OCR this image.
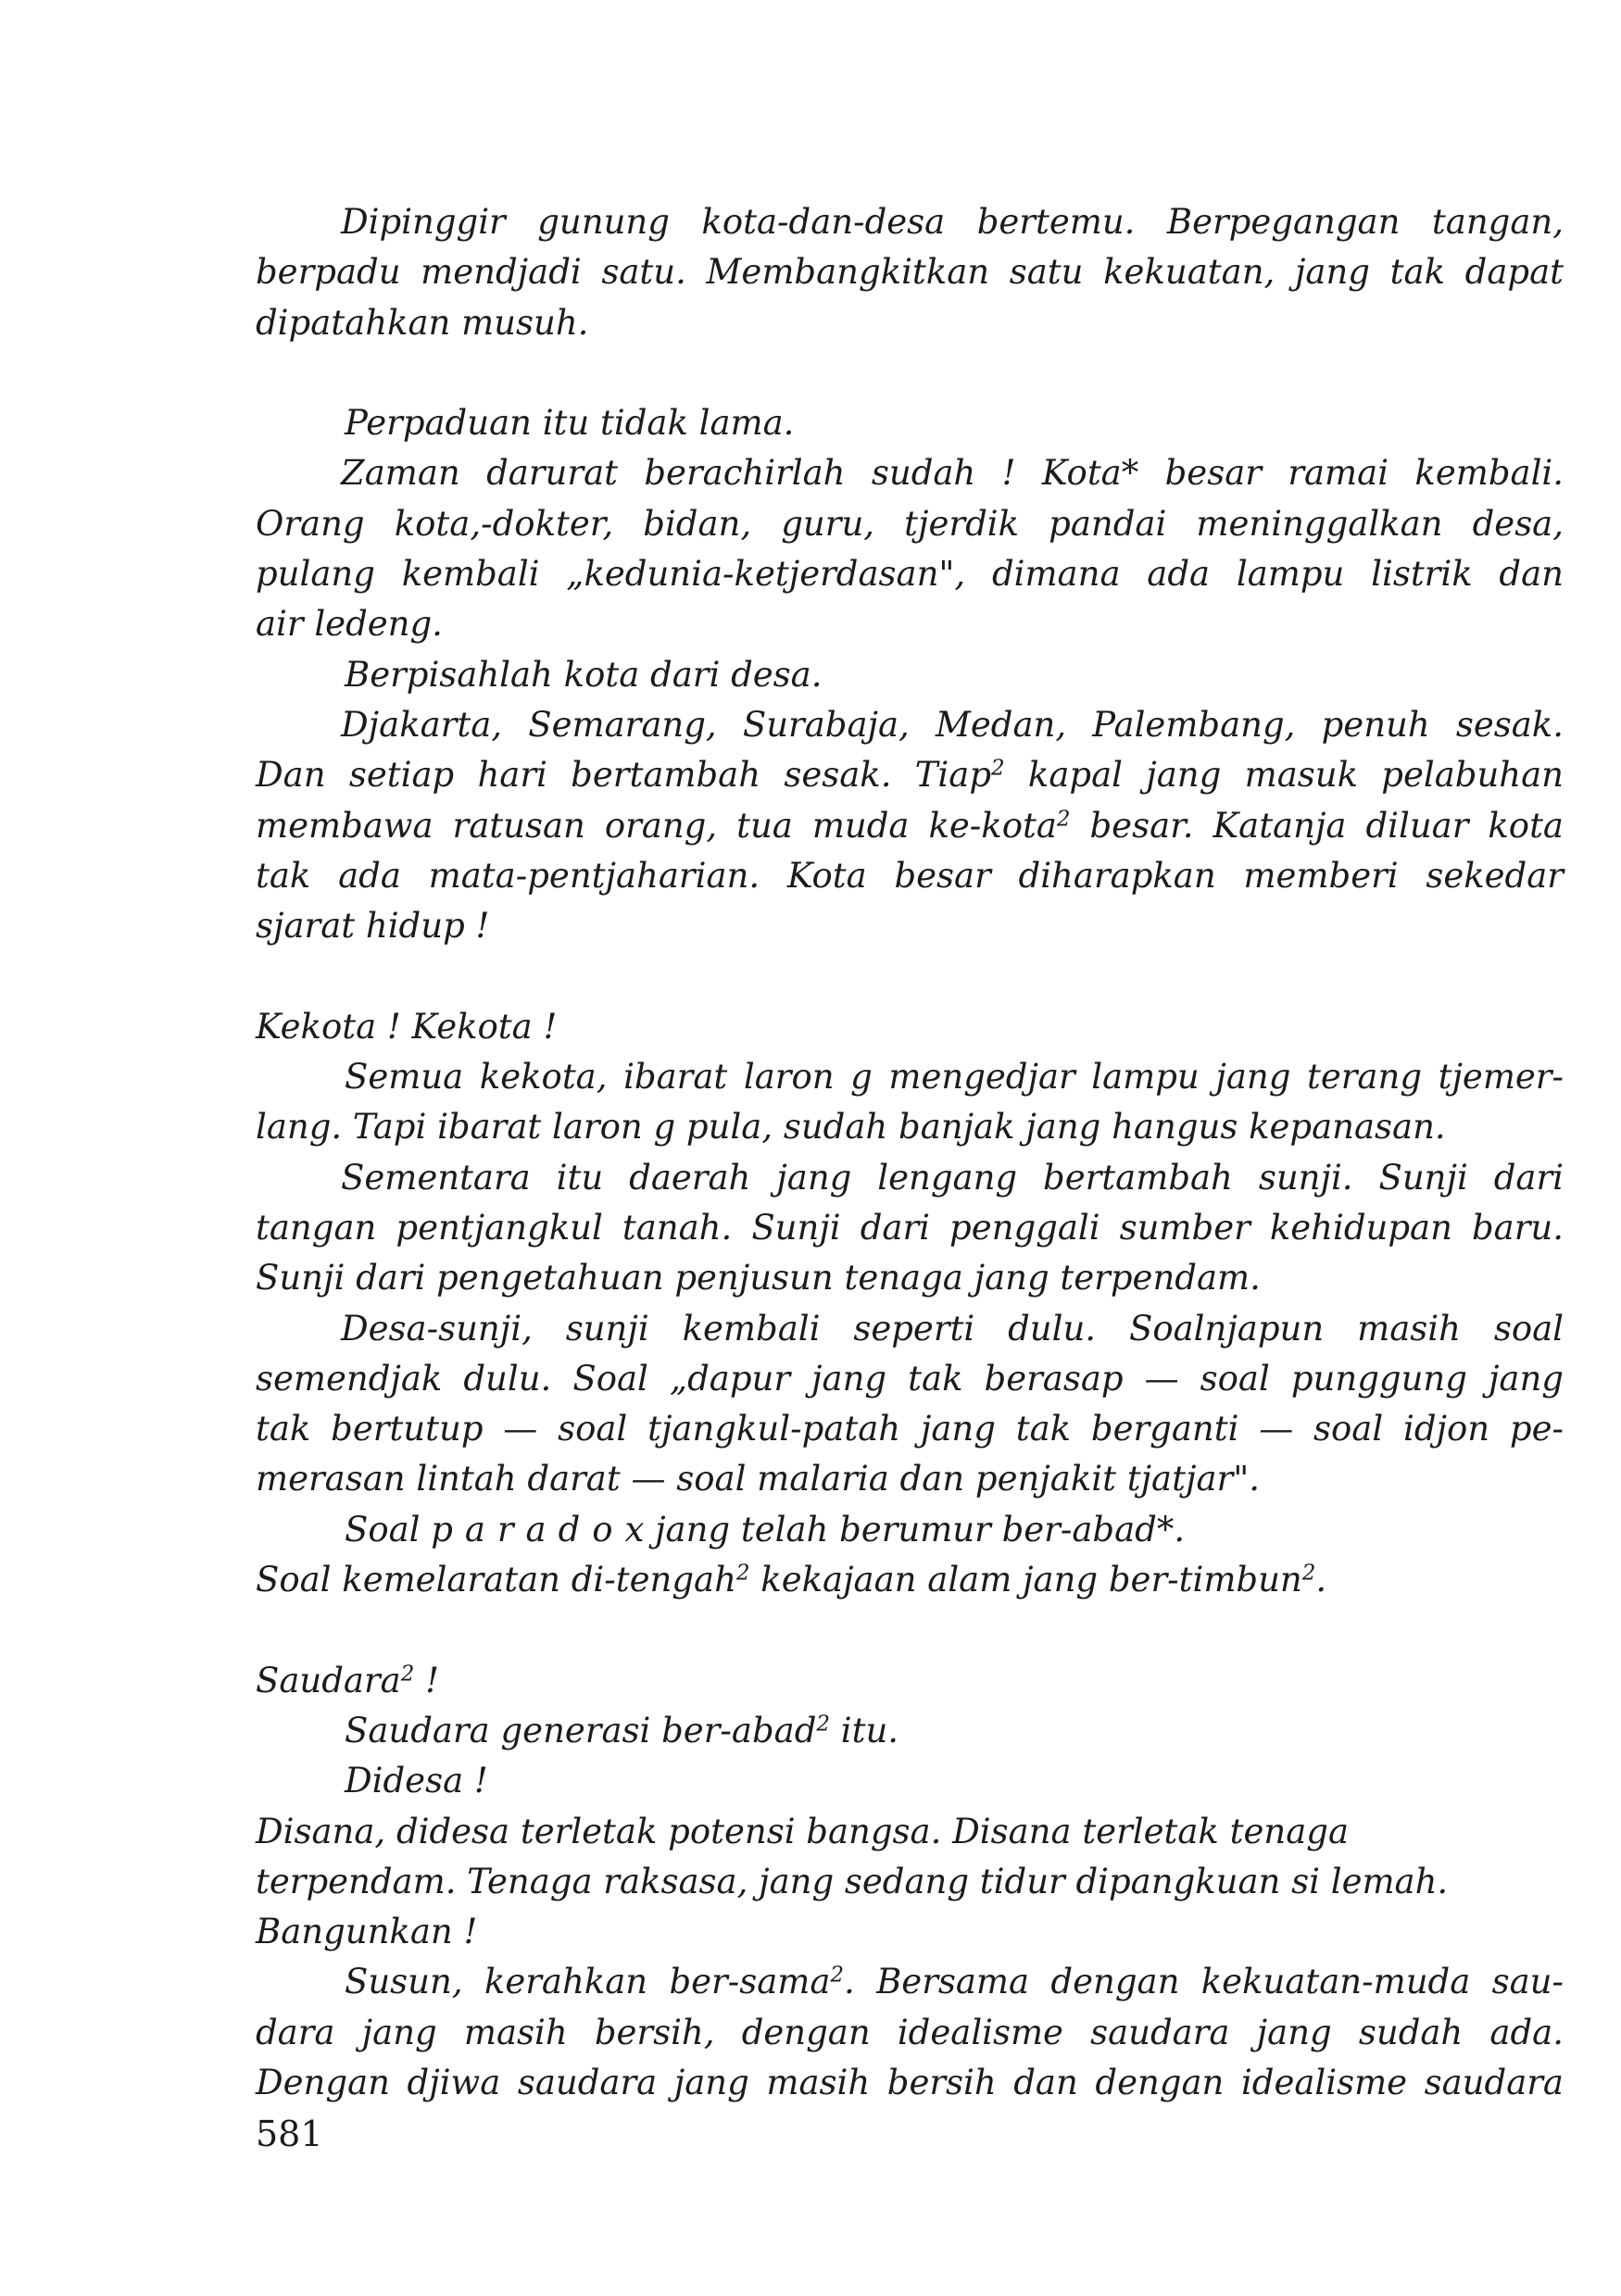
Dipinggir gunung kota-dan-desa bertemu. Berpegangan tangan,
berpadu mendjadi satu. Membangkitkan satu kekuatan, jang tak dapat
dipatahkan musuh.
Perpaduan itu tidak lama.
Zaman darurat berachirlah sudah ! Kota* besar ramai kembali.
Orang kota,-dokter, bidan, guru, tjerdik pandai meninggalkan desa,
pulang kembali „kedunia-ketjerdasan", dimana ada lampu listrik dan
air ledeng.
Berpisahlah kota dari desa.
Djakarta, Semarang, Surabaja, Medan, Palembang, penuh sesak.
Dan setiap hari bertambah sesak. Tiap$^2$ kapal jang masuk pelabuhan
membawa ratusan orang, tua muda ke-kota$^2$ besar. Katanja diluar kota
tak ada mata-pentjaharian. Kota besar diharapkan memberi sekedar
sjarat hidup !
Kekota ! Kekota !
Semua kekota, ibarat laron g mengedjar lampu jang terang tjemer-
lang. Tapi ibarat laron g pula, sudah banjak jang hangus kepanasan.
Sementara itu daerah jang lengang bertambah sunji. Sunji dari
tangan pentjangkul tanah. Sunji dari penggali sumber kehidupan baru.
Sunji dari pengetahuan penjusun tenaga jang terpendam.
Desa-sunji, sunji kembali seperti dulu. Soalnjapun masih soal
semendjak dulu. Soal „dapur jang tak berasap — soal punggung jang
tak bertutup — soal tjangkul-patah jang tak berganti — soal idjon pe-
merasan lintah darat — soal malaria dan penjakit tjatjar".
Soal paradox jang telah berumur ber-abad*.
Soal kemelaratan di-tengah$^2$ kekajaan alam jang ber-timbun$^2$.
Saudara$^2$ !
Saudara generasi ber-abad$^2$ itu.
Didesa !
Disana, didesa terletak potensi bangsa. Disana terletak tenaga
terpendam. Tenaga raksasa, jang sedang tidur dipangkuan si lemah.
Bangunkan !
Susun, kerahkan ber-sama$^2$. Bersama dengan kekuatan-muda sau-
dara jang masih bersih, dengan idealisme saudara jang sudah ada.
Dengan djiwa saudara jang masih bersih dan dengan idealisme saudara
581
